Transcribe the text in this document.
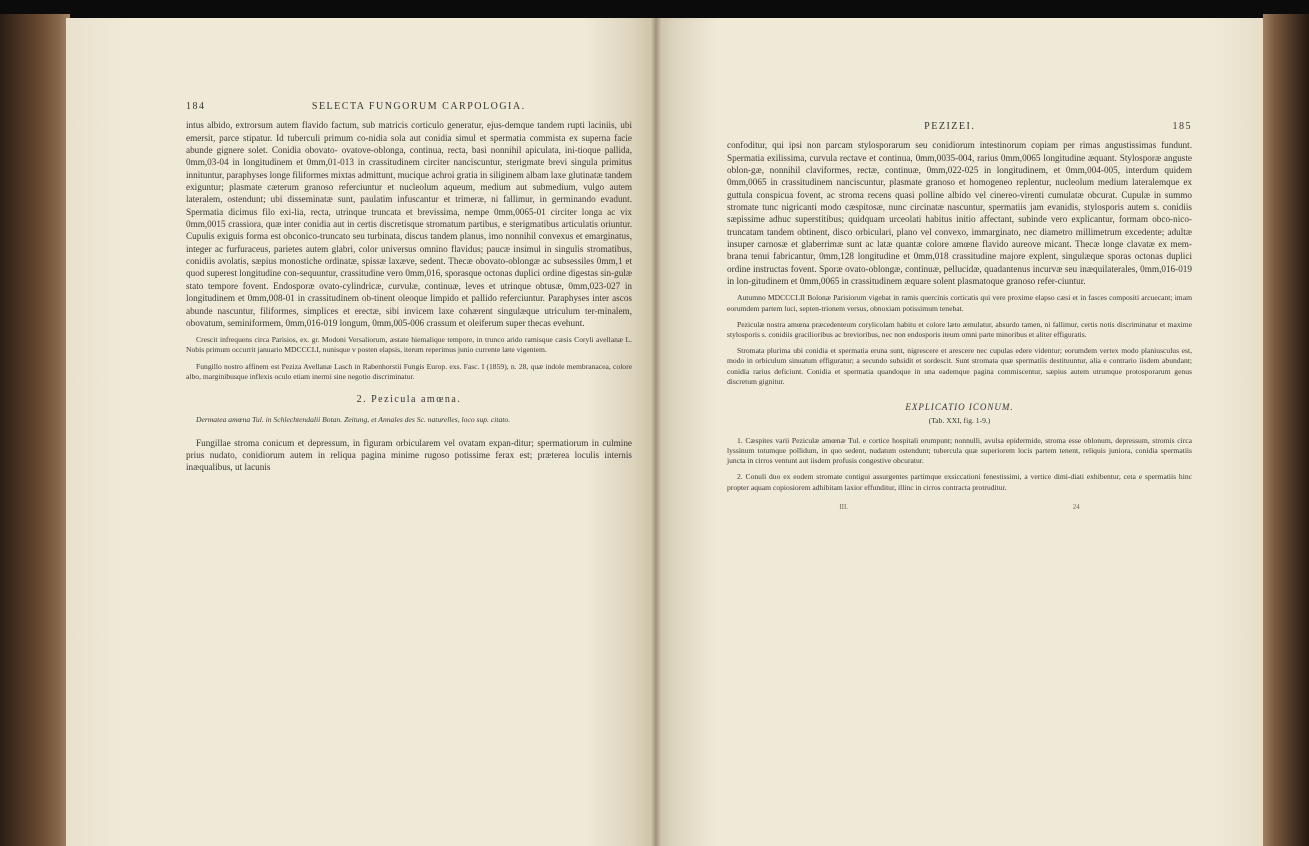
184	SELECTA FUNGORUM CARPOLOGIA.

intus albido, extrorsum autem flavido factum, sub matricis corticulo generatur, ejus-demque tandem rupti laciniis, ubi emersit, parce stipatur. Id tuberculi primum co-nidia sola aut conidia simul et spermatia commista ex superna facie abunde gignere solet. Conidia obovato- ovatove-oblonga, continua, recta, basi nonnihil apiculata, ini-tioque pallida, 0mm,03-04 in longitudinem et 0mm,01-013 in crassitudinem circiter nanciscuntur, sterigmate brevi singula primitus innituntur, paraphyses longe filiformes mixtas admittunt, mucique achroi gratia in siliginem albam laxe glutinatæ tandem exiguntur; plasmate cæterum granoso referciuntur et nucleolum aqueum, medium aut submedium, vulgo autem lateralem, ostendunt; ubi disseminatæ sunt, paulatim infuscantur et trimeræ, ni fallimur, in germinando evadunt. Spermatia dicimus filo exi-lia, recta, utrinque truncata et brevissima, nempe 0mm,0065-01 circiter longa ac vix 0mm,0015 crassiora, quæ inter conidia aut in certis discretisque stromatum partibus, e sterigmatibus articulatis oriuntur. Cupulis exiguis forma est obconico-truncato seu turbinata, discus tandem planus, imo nonnihil convexus et emarginatus, integer ac furfuraceus, parietes autem glabri, color universus omnino flavidus; paucæ insimul in singulis stromatibus, conidiis avolatis, sæpius monostiche ordinatæ, spissæ laxæve, sedent. Thecæ obovato-oblongæ ac subsessiles 0mm,1 et quod superest longitudine con-sequuntur, crassitudine vero 0mm,016, sporasque octonas duplici ordine digestas sin-gulæ stato tempore fovent. Endosporæ ovato-cylindricæ, curvulæ, continuæ, leves et utrinque obtusæ, 0mm,023-027 in longitudinem et 0mm,008-01 in crassitudinem ob-tinent oleoque limpido et pallido referciuntur. Paraphyses inter ascos abunde nascuntur, filiformes, simplices et erectæ, sibi invicem laxe cohærent singulæque utriculum ter-minalem, obovatum, seminiformem, 0mm,016-019 longum, 0mm,005-006 crassum et oleiferum super thecas evehunt.

Crescit infrequens circa Parisios, ex. gr. Modoni Versaliorum, æstate hiemalique tempore, in trunco arido ramisque cæsis Coryli avellanæ L. Nobis primum occurrit januario MDCCCLI, nunisque v posten elapsis, iterum reperimus junio currente læte vigentem.

Fungillo nostro affinem est Peziza Avellanæ Lasch in Rabenhorstii Fungis Europ. exs. Fasc. I (1859), n. 28, quæ indole membranacea, colore albo, marginibusque inflexis oculo etiam inermi sine negotio discriminatur.

2. Pezicula amœna.

Dermatea amœna Tul. in Schlechtendalii Botan. Zeitung, et Annales des Sc. naturelles, loco sup. citato.

Fungillae stroma conicum et depressum, in figuram orbicularem vel ovatam expan-ditur; spermatiorum in culmine prius nudato, conidiorum autem in reliqua pagina minime rugoso potissime ferax est; præterea loculis internis inæqualibus, ut lacunis

PEZIZEI.	185

confoditur, qui ipsi non parcam stylosporarum seu conidiorum intestinorum copiam per rimas angustissimas fundunt. Spermatia exilissima, curvula rectave et continua, 0mm,0035-004, rarius 0mm,0065 longitudine æquant. Stylosporæ anguste oblon-gæ, nonnihil claviformes, rectæ, continuæ, 0mm,022-025 in longitudinem, et 0mm,004-005, interdum quidem 0mm,0065 in crassitudinem nanciscuntur, plasmate granoso et homogeneo replentur, nucleolum medium lateralemque ex guttula conspicua fovent, ac stroma recens quasi polline albido vel cinereo-virenti cumulatæ obcurat. Cupulæ in summo stromate tunc nigricanti modo cæspitosæ, nunc circinatæ nascuntur, spermatiis jam evanidis, stylosporis autem s. conidiis sæpissime adhuc superstitibus; quidquam urceolati habitus initio affectant, subinde vero explicantur, formam obco-nico-truncatam tandem obtinent, disco orbiculari, plano vel convexo, immarginato, nec diametro millimetrum excedente; adultæ insuper carnosæ et glaberrimæ sunt ac latæ quantæ colore amœne flavido aureove micant. Thecæ longe clavatæ ex mem-brana tenui fabricantur, 0mm,128 longitudine et 0mm,018 crassitudine majore explent, singulæque sporas octonas duplici ordine instructas fovent. Sporæ ovato-oblongæ, continuæ, pellucidæ, quadantenus incurvæ seu inæquilaterales, 0mm,016-019 in lon-gitudinem et 0mm,0065 in crassitudinem æquare solent plasmatoque granoso refer-ciuntur.

Autumno MDCCCLII Bolonæ Parisiorum vigebat in ramis quercinis corticatis qui vere proxime elapso cæsi et in fasces compositi arcuecant; imam eorumdem partem luci, septen-trionem versus, obnoxiam potissimum tenebat.

Peziculæ nostra amœna præcedenteum corylicolam habitu et colore læto æmulatur, absurdo tamen, ni fallimur, certis notis discriminatur et maxime stylosporis s. conidiis gracilioribus ac brevioribus, nec non endosporis iteum omni parte minoribus et aliter effiguratis.

Stromata plurima ubi conidia et spermatia eruna sunt, nigrescere et arescere nec cupulas edere videntur; eorumdem vertex modo planiusculus est, modo in orbiculum sinuatum effiguratur; a secundo subsidit et sordescit. Sunt stromata quæ spermatiis destituuntur, alia e contrario iisdem abundant; conidia rarius deficiunt. Conidia et spermatia quandoque in una eademque pagina commiscentur, sæpius autem utrumque protosporarum genus discretum gignitur.

EXPLICATIO ICONUM.
(Tab. XXI, fig. 1-9.)

1. Cæspites varii Peziculæ amœnæ Tul. e cortice hospitali erumpunt; nonnulli, avulsa epidermide, stroma esse oblonum, depressum, stromis circa lyssinum totumque pollidum, in quo sedent, nudatum ostendunt; tubercula quæ superiorem locis partem tenent, reliquis juniora, conidia spermatiis juncta in cirros ventunt aut iisdem profusis congestive obcuratur.

2. Conuli duo ex eodem stromate contigui assurgentes partimque exsiccationi fenestissimi, a vertice dimi-diati exhibentur, ceta e spermatiis hinc propter aquam copiosiorem adhibitam laxior effunditur, illinc in cirros contracta protruditur.

III.	24
